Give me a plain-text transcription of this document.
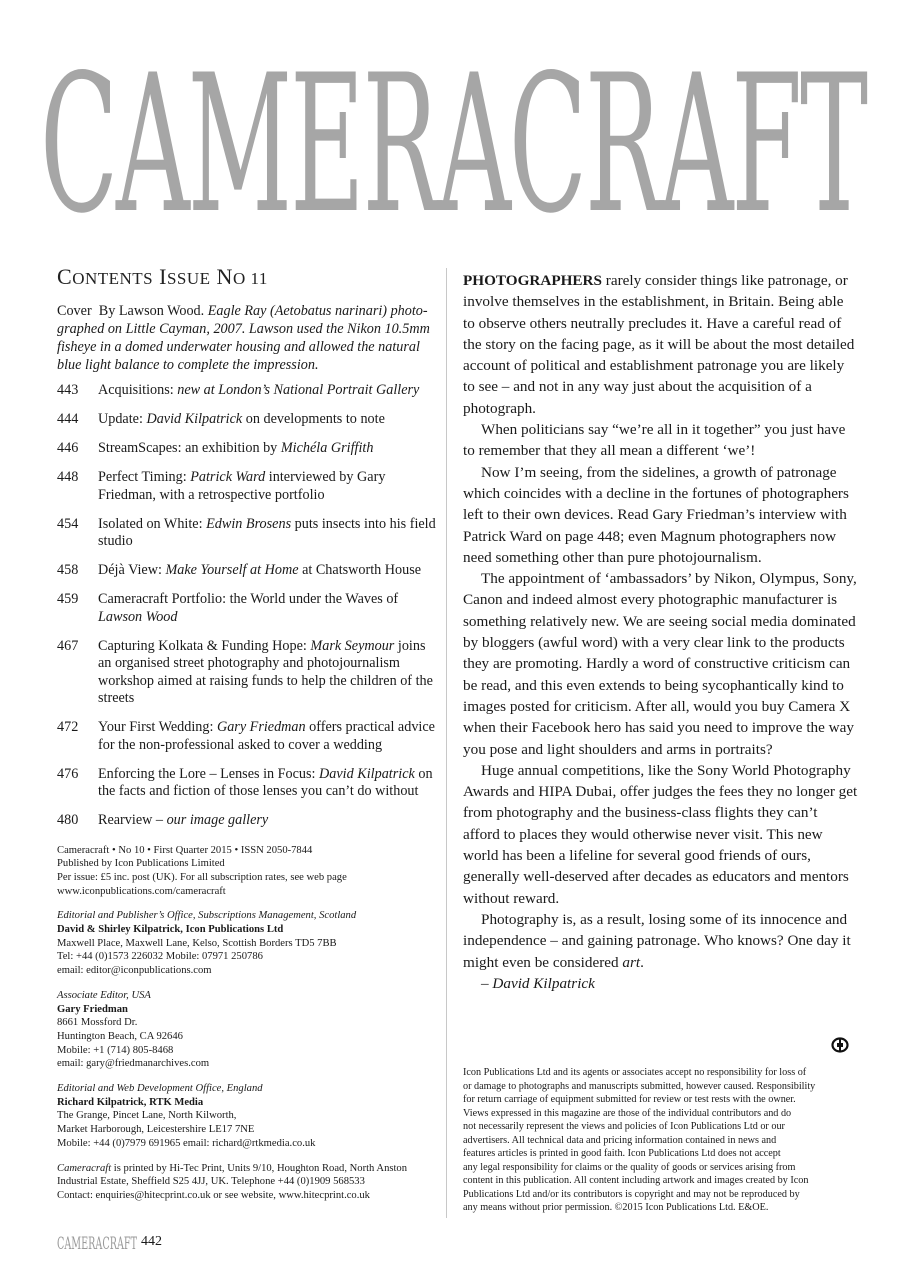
CAMERACRAFT
CONTENTS ISSUE NO 11
Cover By Lawson Wood. Eagle Ray (Aetobatus narinari) photo-graphed on Little Cayman, 2007. Lawson used the Nikon 10.5mm fisheye in a domed underwater housing and allowed the natural blue light balance to complete the impression.
443	Acquisitions: new at London’s National Portrait Gallery
444	Update: David Kilpatrick on developments to note
446	StreamScapes: an exhibition by Michéla Griffith
448	Perfect Timing: Patrick Ward interviewed by Gary Friedman, with a retrospective portfolio
454	Isolated on White: Edwin Brosens puts insects into his field studio
458	Déjà View: Make Yourself at Home at Chatsworth House
459	Cameracraft Portfolio: the World under the Waves of Lawson Wood
467	Capturing Kolkata & Funding Hope: Mark Seymour joins an organised street photography and photojournalism workshop aimed at raising funds to help the children of the streets
472	Your First Wedding: Gary Friedman offers practical advice for the non-professional asked to cover a wedding
476	Enforcing the Lore – Lenses in Focus: David Kilpatrick on the facts and fiction of those lenses you can’t do without
480	Rearview – our image gallery
Cameracraft • No 10 • First Quarter 2015 • ISSN 2050-7844
Published by Icon Publications Limited
Per issue: £5 inc. post (UK). For all subscription rates, see web page
www.iconpublications.com/cameracraft
Editorial and Publisher’s Office, Subscriptions Management, Scotland
David & Shirley Kilpatrick, Icon Publications Ltd
Maxwell Place, Maxwell Lane, Kelso, Scottish Borders TD5 7BB
Tel: +44 (0)1573 226032 Mobile: 07971 250786
email: editor@iconpublications.com
Associate Editor, USA
Gary Friedman
8661 Mossford Dr.
Huntington Beach, CA 92646
Mobile: +1 (714) 805-8468
email: gary@friedmanarchives.com
Editorial and Web Development Office, England
Richard Kilpatrick, RTK Media
The Grange, Pincet Lane, North Kilworth,
Market Harborough, Leicestershire LE17 7NE
Mobile: +44 (0)7979 691965 email: richard@rtkmedia.co.uk
Cameracraft is printed by Hi-Tec Print, Units 9/10, Houghton Road, North Anston
Industrial Estate, Sheffield S25 4JJ, UK. Telephone +44 (0)1909 568533
Contact: enquiries@hitecprint.co.uk or see website, www.hitecprint.co.uk

PHOTOGRAPHERS rarely consider things like patronage, or involve themselves in the establishment, in Britain. Being able to observe others neutrally precludes it. Have a careful read of the story on the facing page, as it will be about the most detailed account of political and establishment patronage you are likely to see – and not in any way just about the acquisition of a photograph.

When politicians say “we’re all in it together” you just have to remember that they all mean a different ‘we’!

Now I’m seeing, from the sidelines, a growth of patronage which coincides with a decline in the fortunes of photographers left to their own devices. Read Gary Friedman’s interview with Patrick Ward on page 448; even Magnum photographers now need something other than pure photojournalism.

The appointment of ‘ambassadors’ by Nikon, Olympus, Sony, Canon and indeed almost every photographic manufacturer is something relatively new. We are seeing social media dominated by bloggers (awful word) with a very clear link to the products they are promoting. Hardly a word of constructive criticism can be read, and this even extends to being sycophantically kind to images posted for criticism. After all, would you buy Camera X when their Facebook hero has said you need to improve the way you pose and light shoulders and arms in portraits?

Huge annual competitions, like the Sony World Photography Awards and HIPA Dubai, offer judges the fees they no longer get from photography and the business-class flights they can’t afford to places they would otherwise never visit. This new world has been a lifeline for several good friends of ours, generally well-deserved after decades as educators and mentors without reward.

Photography is, as a result, losing some of its innocence and independence – and gaining patronage. Who knows? One day it might even be considered art.

– David Kilpatrick
Icon Publications Ltd and its agents or associates accept no responsibility for loss of
or damage to photographs and manuscripts submitted, however caused. Responsibility
for return carriage of equipment submitted for review or test rests with the owner.
Views expressed in this magazine are those of the individual contributors and do
not necessarily represent the views and policies of Icon Publications Ltd or our
advertisers. All technical data and pricing information contained in news and
features articles is printed in good faith. Icon Publications Ltd does not accept
any legal responsibility for claims or the quality of goods or services arising from
content in this publication. All content including artwork and images created by Icon
Publications Ltd and/or its contributors is copyright and may not be reproduced by
any means without prior permission. ©2015 Icon Publications Ltd. E&OE.
CAMERACRAFT 442
